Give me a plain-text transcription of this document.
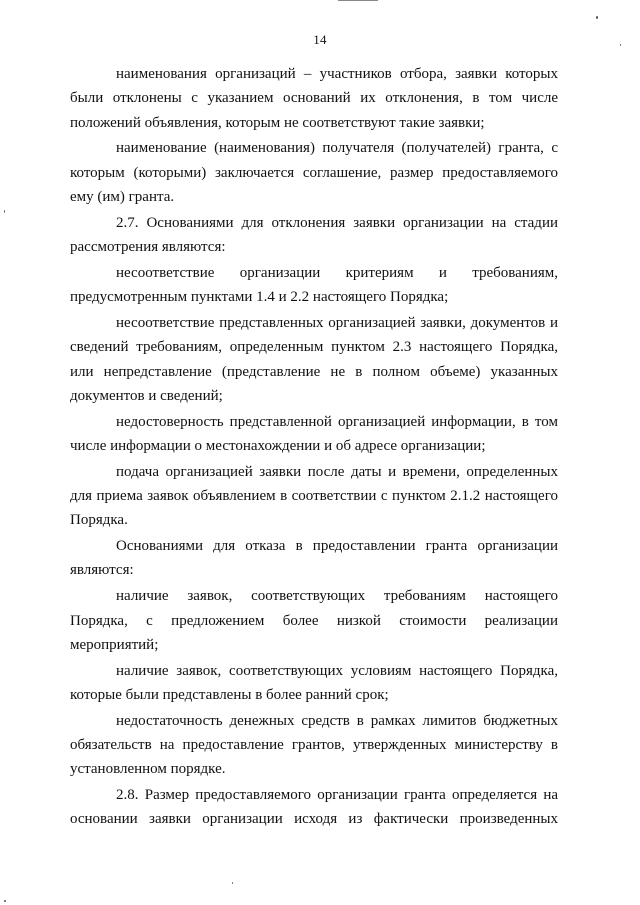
14

наименования организаций – участников отбора, заявки которых были отклонены с указанием оснований их отклонения, в том числе положений объявления, которым не соответствуют такие заявки;

наименование (наименования) получателя (получателей) гранта, с которым (которыми) заключается соглашение, размер предоставляемого ему (им) гранта.

2.7. Основаниями для отклонения заявки организации на стадии рассмотрения являются:

несоответствие организации критериям и требованиям, предусмотренным пунктами 1.4 и 2.2 настоящего Порядка;

несоответствие представленных организацией заявки, документов и сведений требованиям, определенным пунктом 2.3 настоящего Порядка, или непредставление (представление не в полном объеме) указанных документов и сведений;

недостоверность представленной организацией информации, в том числе информации о местонахождении и об адресе организации;

подача организацией заявки после даты и времени, определенных для приема заявок объявлением в соответствии с пунктом 2.1.2 настоящего Порядка.

Основаниями для отказа в предоставлении гранта организации являются:

наличие заявок, соответствующих требованиям настоящего Порядка, с предложением более низкой стоимости реализации мероприятий;

наличие заявок, соответствующих условиям настоящего Порядка, которые были представлены в более ранний срок;

недостаточность денежных средств в рамках лимитов бюджетных обязательств на предоставление грантов, утвержденных министерству в установленном порядке.

2.8. Размер предоставляемого организации гранта определяется на основании заявки организации исходя из фактически произведенных
